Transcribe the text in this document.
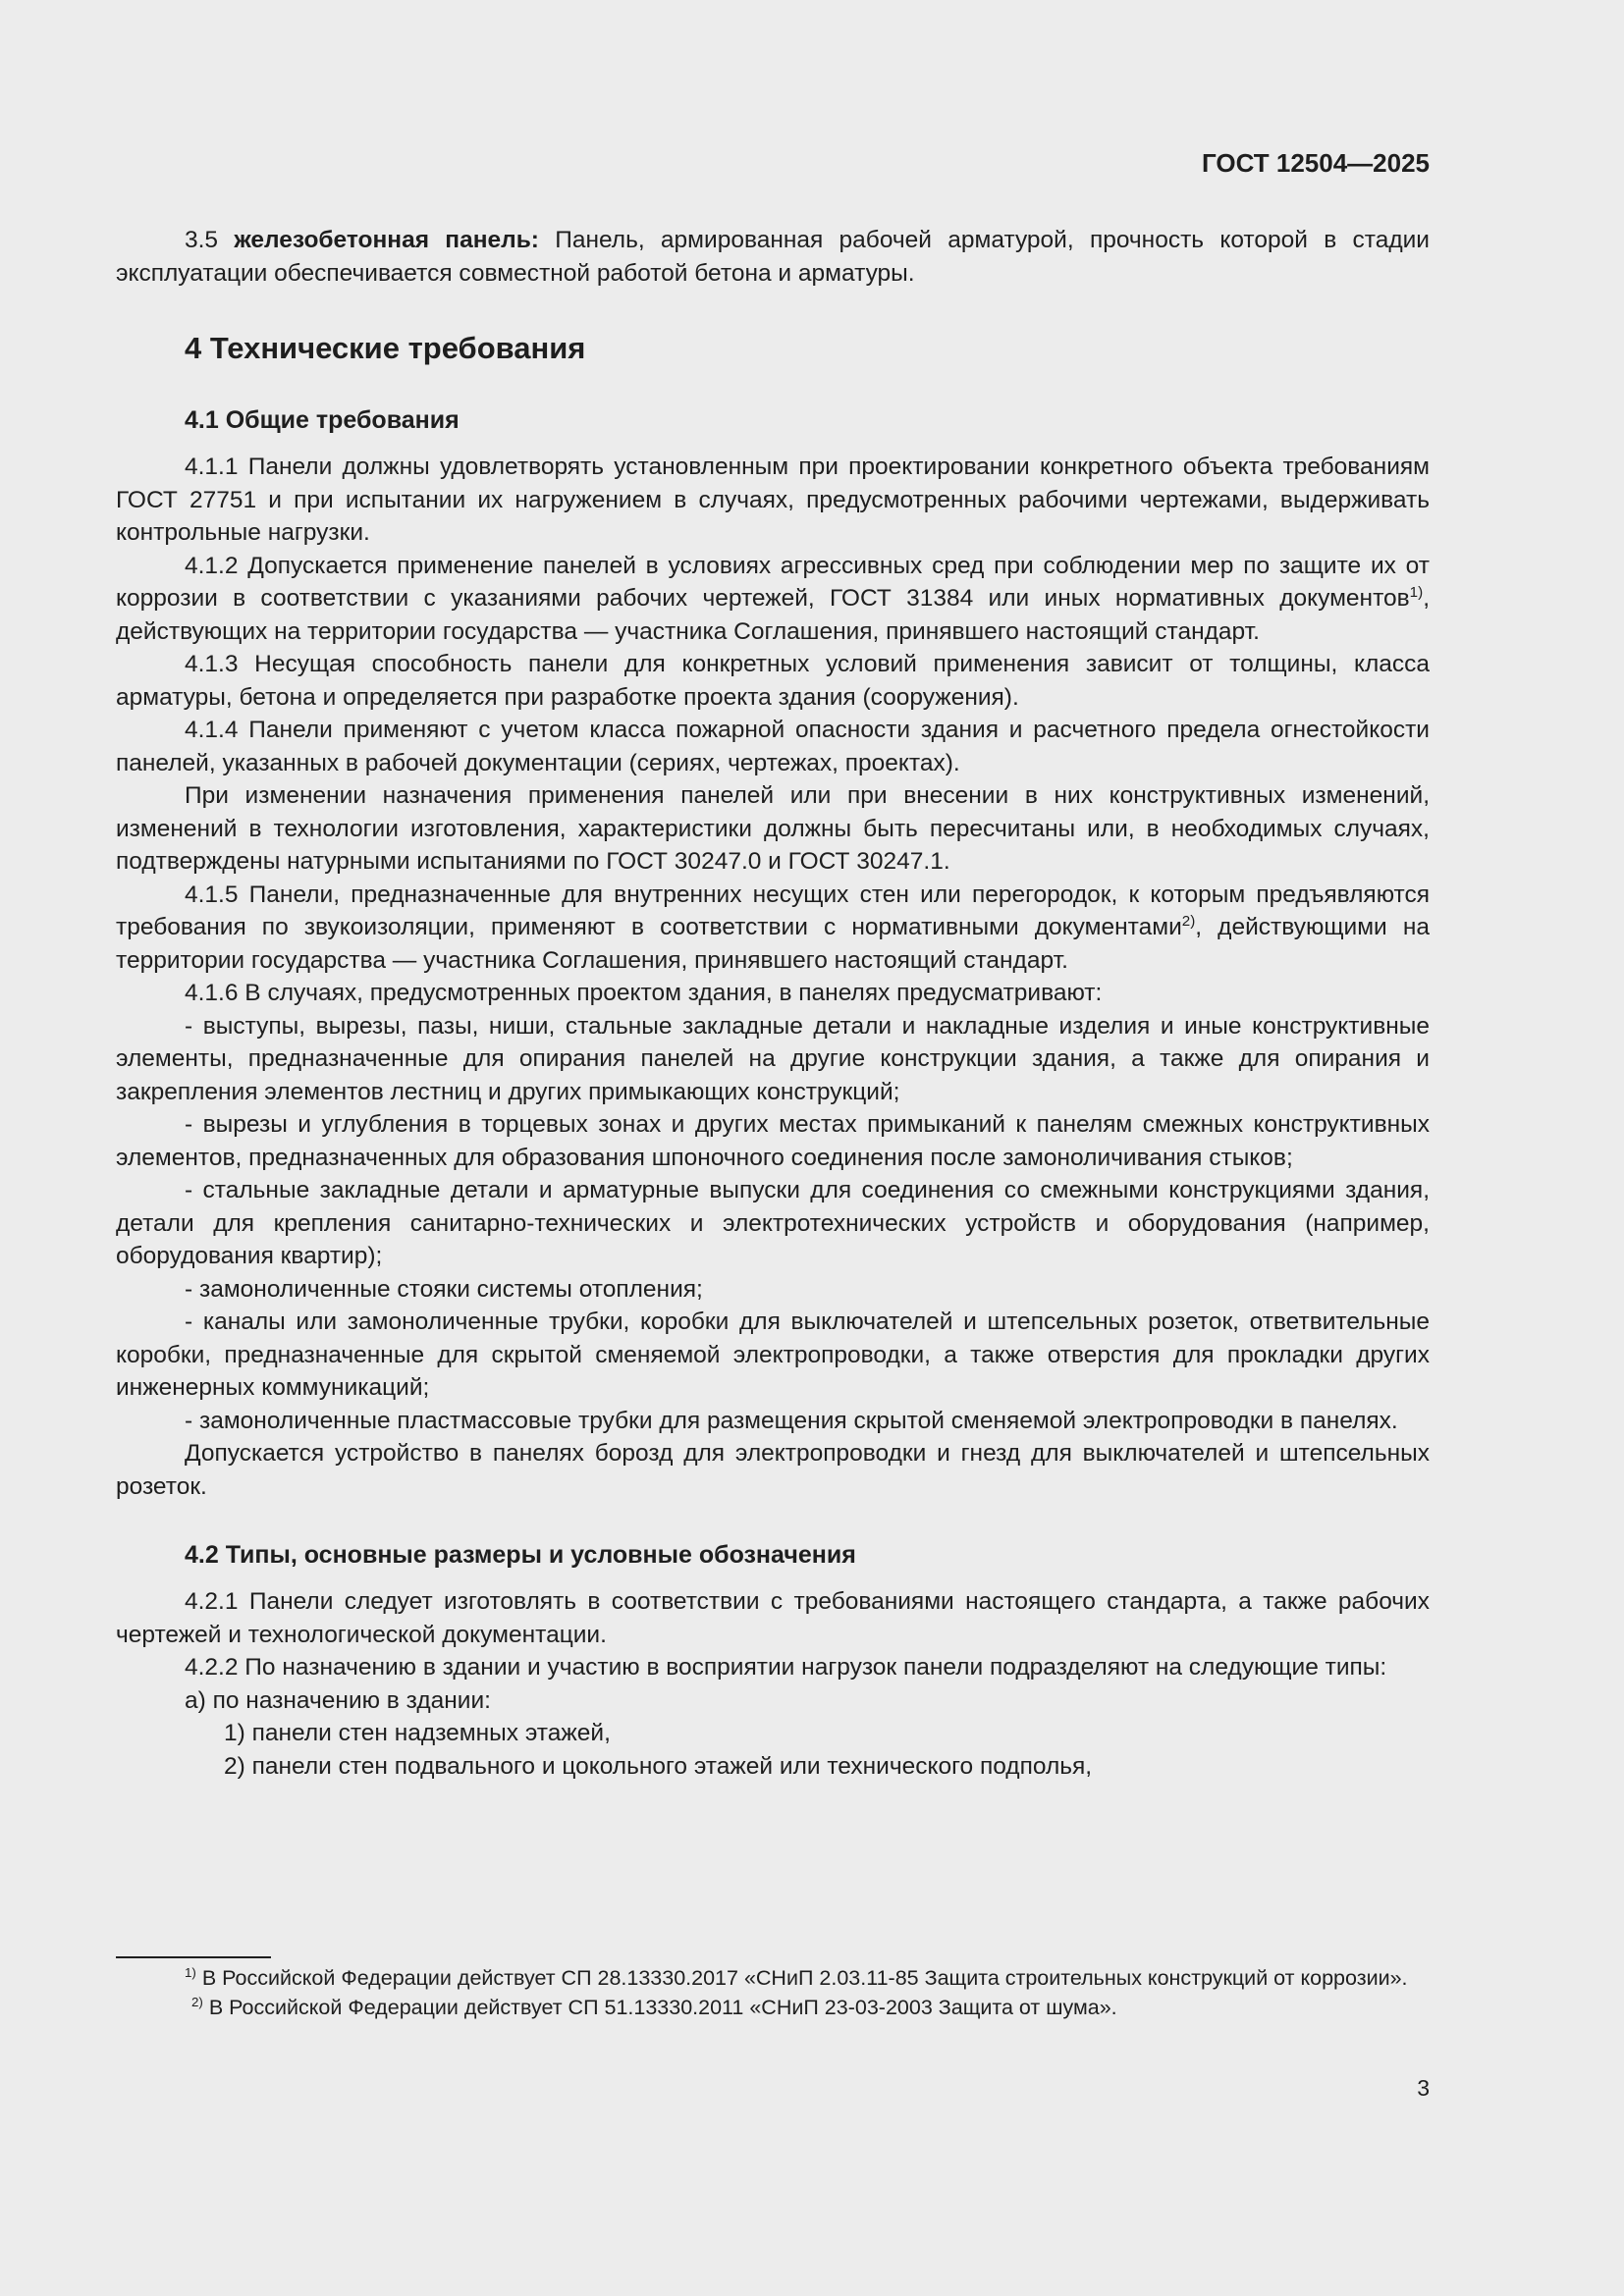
ГОСТ 12504—2025

3.5 железобетонная панель: Панель, армированная рабочей арматурой, прочность которой в стадии эксплуатации обеспечивается совместной работой бетона и арматуры.

4 Технические требования
4.1 Общие требования

4.1.1 Панели должны удовлетворять установленным при проектировании конкретного объекта требованиям ГОСТ 27751 и при испытании их нагружением в случаях, предусмотренных рабочими чертежами, выдерживать контрольные нагрузки.

4.1.2 Допускается применение панелей в условиях агрессивных сред при соблюдении мер по защите их от коррозии в соответствии с указаниями рабочих чертежей, ГОСТ 31384 или иных нормативных документов$^{1)}$, действующих на территории государства — участника Соглашения, принявшего настоящий стандарт.

4.1.3 Несущая способность панели для конкретных условий применения зависит от толщины, класса арматуры, бетона и определяется при разработке проекта здания (сооружения).

4.1.4 Панели применяют с учетом класса пожарной опасности здания и расчетного предела огнестойкости панелей, указанных в рабочей документации (сериях, чертежах, проектах).

При изменении назначения применения панелей или при внесении в них конструктивных изменений, изменений в технологии изготовления, характеристики должны быть пересчитаны или, в необходимых случаях, подтверждены натурными испытаниями по ГОСТ 30247.0 и ГОСТ 30247.1.

4.1.5 Панели, предназначенные для внутренних несущих стен или перегородок, к которым предъявляются требования по звукоизоляции, применяют в соответствии с нормативными документами$^{2)}$, действующими на территории государства — участника Соглашения, принявшего настоящий стандарт.

4.1.6 В случаях, предусмотренных проектом здания, в панелях предусматривают:

- выступы, вырезы, пазы, ниши, стальные закладные детали и накладные изделия и иные конструктивные элементы, предназначенные для опирания панелей на другие конструкции здания, а также для опирания и закрепления элементов лестниц и других примыкающих конструкций;

- вырезы и углубления в торцевых зонах и других местах примыканий к панелям смежных конструктивных элементов, предназначенных для образования шпоночного соединения после замоноличивания стыков;

- стальные закладные детали и арматурные выпуски для соединения со смежными конструкциями здания, детали для крепления санитарно-технических и электротехнических устройств и оборудования (например, оборудования квартир);

- замоноличенные стояки системы отопления;

- каналы или замоноличенные трубки, коробки для выключателей и штепсельных розеток, ответвительные коробки, предназначенные для скрытой сменяемой электропроводки, а также отверстия для прокладки других инженерных коммуникаций;

- замоноличенные пластмассовые трубки для размещения скрытой сменяемой электропроводки в панелях.

Допускается устройство в панелях борозд для электропроводки и гнезд для выключателей и штепсельных розеток.

4.2 Типы, основные размеры и условные обозначения

4.2.1 Панели следует изготовлять в соответствии с требованиями настоящего стандарта, а также рабочих чертежей и технологической документации.

4.2.2 По назначению в здании и участию в восприятии нагрузок панели подразделяют на следующие типы:

а) по назначению в здании:

1) панели стен надземных этажей,

2) панели стен подвального и цокольного этажей или технического подполья,

$^{1)}$ В Российской Федерации действует СП 28.13330.2017 «СНиП 2.03.11-85 Защита строительных конструкций от коррозии».

$^{2)}$ В Российской Федерации действует СП 51.13330.2011 «СНиП 23-03-2003 Защита от шума».

3
